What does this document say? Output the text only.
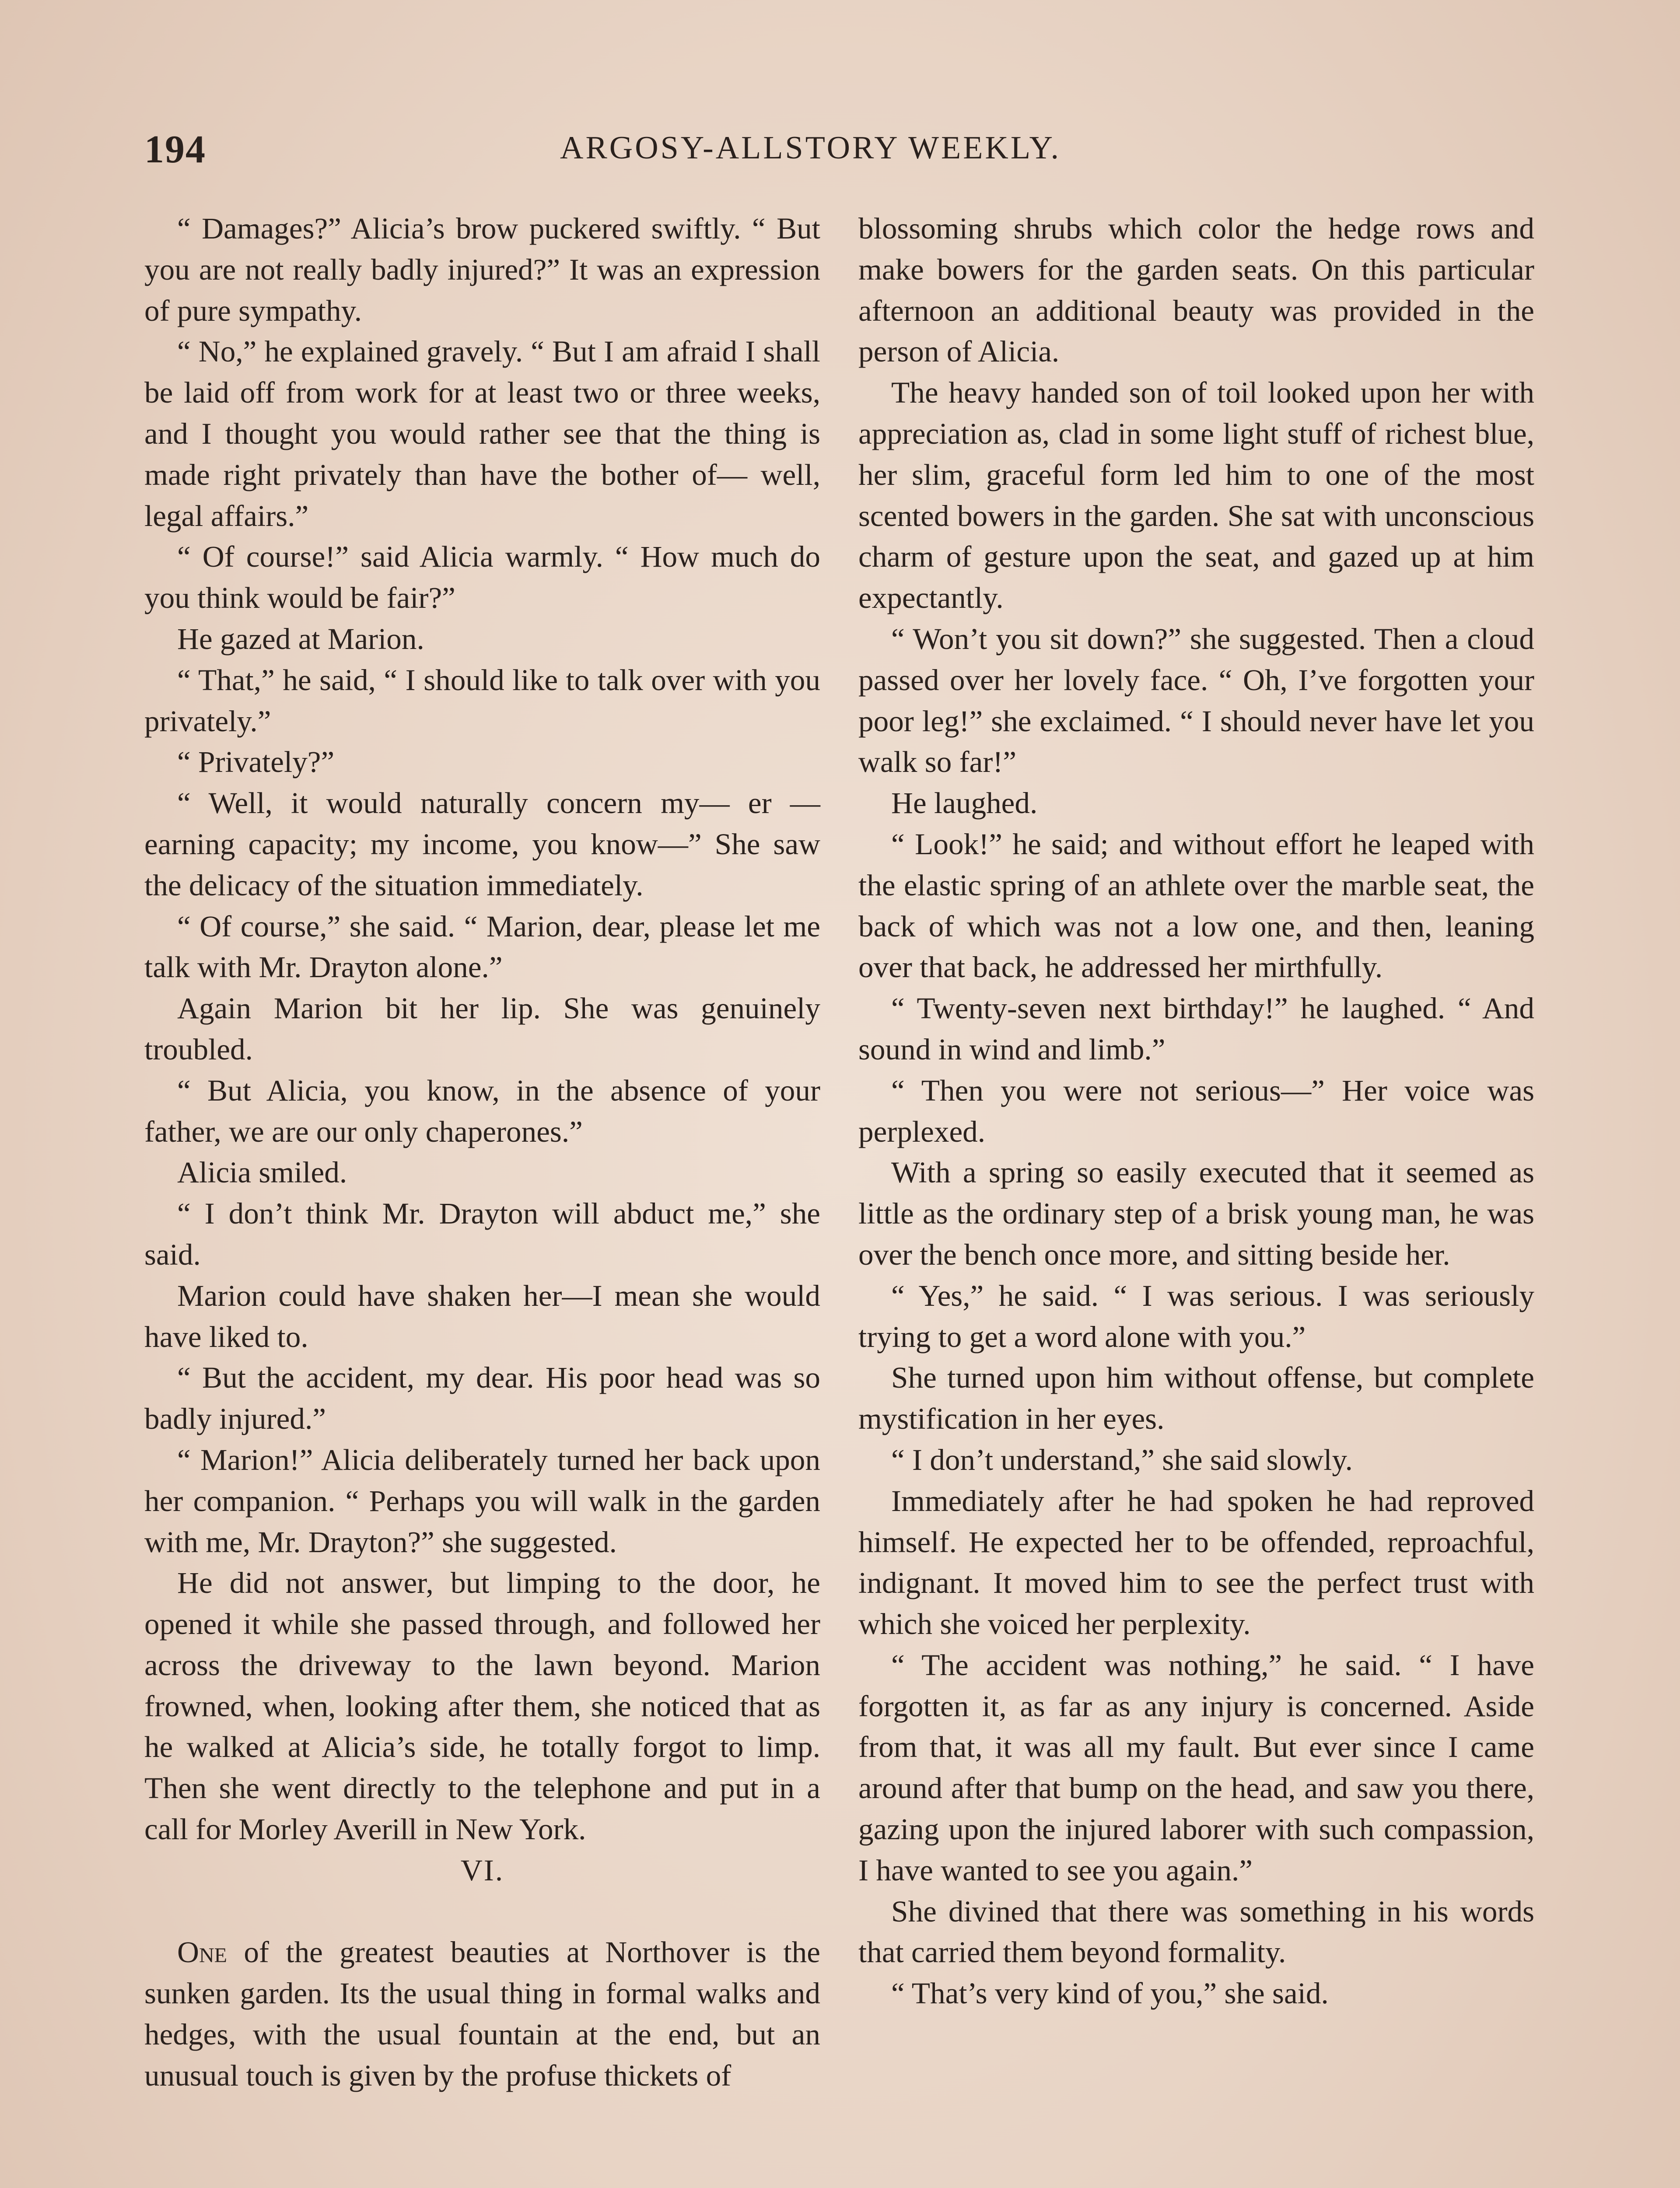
194	ARGOSY-ALLSTORY WEEKLY.

“ Damages?” Alicia’s brow puckered swiftly. “ But you are not really badly injured?” It was an expression of pure sympathy.

“ No,” he explained gravely. “ But I am afraid I shall be laid off from work for at least two or three weeks, and I thought you would rather see that the thing is made right privately than have the bother of— well, legal affairs.”

“ Of course!” said Alicia warmly. “ How much do you think would be fair?”

He gazed at Marion.

“ That,” he said, “ I should like to talk over with you privately.”

“ Privately?”

“ Well, it would naturally concern my— er — earning capacity; my income, you know—” She saw the delicacy of the situation immediately.

“ Of course,” she said. “ Marion, dear, please let me talk with Mr. Drayton alone.”

Again Marion bit her lip. She was genuinely troubled.

“ But Alicia, you know, in the absence of your father, we are our only chaperones.”

Alicia smiled.

“ I don’t think Mr. Drayton will abduct me,” she said.

Marion could have shaken her—I mean she would have liked to.

“ But the accident, my dear. His poor head was so badly injured.”

“ Marion!” Alicia deliberately turned her back upon her companion. “ Perhaps you will walk in the garden with me, Mr. Drayton?” she suggested.

He did not answer, but limping to the door, he opened it while she passed through, and followed her across the driveway to the lawn beyond. Marion frowned, when, looking after them, she noticed that as he walked at Alicia’s side, he totally forgot to limp. Then she went directly to the telephone and put in a call for Morley Averill in New York.

VI.

One of the greatest beauties at Northover is the sunken garden. Its the usual thing in formal walks and hedges, with the usual fountain at the end, but an unusual touch is given by the profuse thickets of

blossoming shrubs which color the hedge rows and make bowers for the garden seats. On this particular afternoon an additional beauty was provided in the person of Alicia.

The heavy handed son of toil looked upon her with appreciation as, clad in some light stuff of richest blue, her slim, graceful form led him to one of the most scented bowers in the garden. She sat with unconscious charm of gesture upon the seat, and gazed up at him expectantly.

“ Won’t you sit down?” she suggested. Then a cloud passed over her lovely face. “ Oh, I’ve forgotten your poor leg!” she exclaimed. “ I should never have let you walk so far!”

He laughed.

“ Look!” he said; and without effort he leaped with the elastic spring of an athlete over the marble seat, the back of which was not a low one, and then, leaning over that back, he addressed her mirthfully.

“ Twenty-seven next birthday!” he laughed. “ And sound in wind and limb.”

“ Then you were not serious—” Her voice was perplexed.

With a spring so easily executed that it seemed as little as the ordinary step of a brisk young man, he was over the bench once more, and sitting beside her.

“ Yes,” he said. “ I was serious. I was seriously trying to get a word alone with you.”

She turned upon him without offense, but complete mystification in her eyes.

“ I don’t understand,” she said slowly.

Immediately after he had spoken he had reproved himself. He expected her to be offended, reproachful, indignant. It moved him to see the perfect trust with which she voiced her perplexity.

“ The accident was nothing,” he said. “ I have forgotten it, as far as any injury is concerned. Aside from that, it was all my fault. But ever since I came around after that bump on the head, and saw you there, gazing upon the injured laborer with such compassion, I have wanted to see you again.”

She divined that there was something in his words that carried them beyond formality.

“ That’s very kind of you,” she said.
